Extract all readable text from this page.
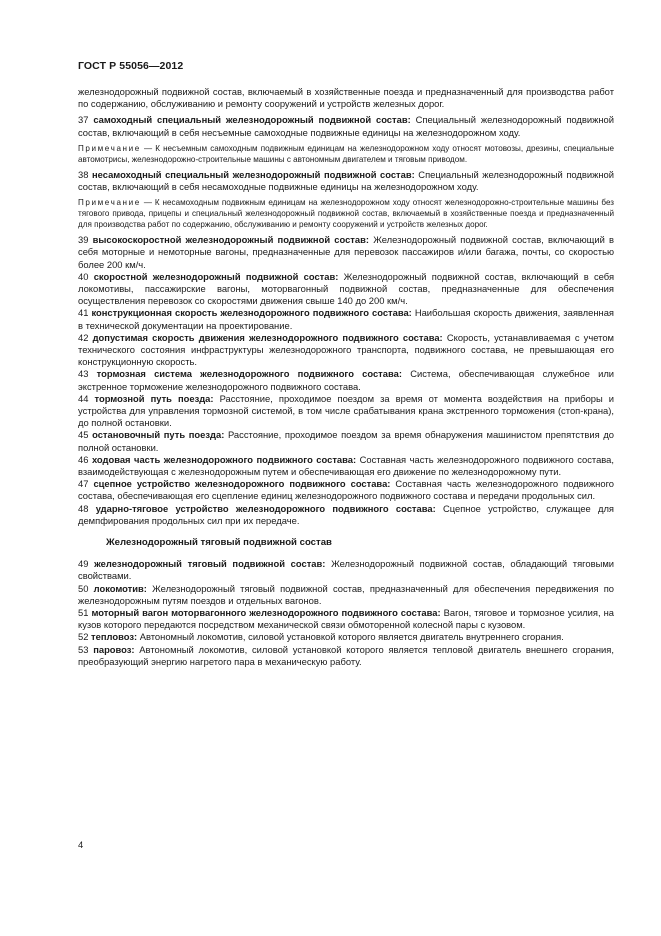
ГОСТ Р 55056—2012

железнодорожный подвижной состав, включаемый в хозяйственные поезда и предназначенный для производства работ по содержанию, обслуживанию и ремонту сооружений и устройств железных дорог.

37 самоходный специальный железнодорожный подвижной состав: Специальный железнодорожный подвижной состав, включающий в себя несъемные самоходные подвижные единицы на железнодорожном ходу.

Примечание — К несъемным самоходным подвижным единицам на железнодорожном ходу относят мотовозы, дрезины, специальные автомотрисы, железнодорожно-строительные машины с автономным двигателем и тяговым приводом.

38 несамоходный специальный железнодорожный подвижной состав: Специальный железнодорожный подвижной состав, включающий в себя несамоходные подвижные единицы на железнодорожном ходу.

Примечание — К несамоходным подвижным единицам на железнодорожном ходу относят железнодорожно-строительные машины без тягового привода, прицепы и специальный железнодорожный подвижной состав, включаемый в хозяйственные поезда и предназначенный для производства работ по содержанию, обслуживанию и ремонту сооружений и устройств железных дорог.

39 высокоскоростной железнодорожный подвижной состав: Железнодорожный подвижной состав, включающий в себя моторные и немоторные вагоны, предназначенные для перевозок пассажиров и/или багажа, почты, со скоростью более 200 км/ч.

40 скоростной железнодорожный подвижной состав: Железнодорожный подвижной состав, включающий в себя локомотивы, пассажирские вагоны, моторвагонный подвижной состав, предназначенные для обеспечения осуществления перевозок со скоростями движения свыше 140 до 200 км/ч.

41 конструкционная скорость железнодорожного подвижного состава: Наибольшая скорость движения, заявленная в технической документации на проектирование.

42 допустимая скорость движения железнодорожного подвижного состава: Скорость, устанавливаемая с учетом технического состояния инфраструктуры железнодорожного транспорта, подвижного состава, не превышающая его конструкционную скорость.

43 тормозная система железнодорожного подвижного состава: Система, обеспечивающая служебное или экстренное торможение железнодорожного подвижного состава.

44 тормозной путь поезда: Расстояние, проходимое поездом за время от момента воздействия на приборы и устройства для управления тормозной системой, в том числе срабатывания крана экстренного торможения (стоп-крана), до полной остановки.

45 остановочный путь поезда: Расстояние, проходимое поездом за время обнаружения машинистом препятствия до полной остановки.

46 ходовая часть железнодорожного подвижного состава: Составная часть железнодорожного подвижного состава, взаимодействующая с железнодорожным путем и обеспечивающая его движение по железнодорожному пути.

47 сцепное устройство железнодорожного подвижного состава: Составная часть железнодорожного подвижного состава, обеспечивающая его сцепление единиц железнодорожного подвижного состава и передачи продольных сил.

48 ударно-тяговое устройство железнодорожного подвижного состава: Сцепное устройство, служащее для демпфирования продольных сил при их передаче.

Железнодорожный тяговый подвижной состав

49 железнодорожный тяговый подвижной состав: Железнодорожный подвижной состав, обладающий тяговыми свойствами.

50 локомотив: Железнодорожный тяговый подвижной состав, предназначенный для обеспечения передвижения по железнодорожным путям поездов и отдельных вагонов.

51 моторный вагон моторвагонного железнодорожного подвижного состава: Вагон, тяговое и тормозное усилия, на кузов которого передаются посредством механической связи обмоторенной колесной пары с кузовом.

52 тепловоз: Автономный локомотив, силовой установкой которого является двигатель внутреннего сгорания.

53 паровоз: Автономный локомотив, силовой установкой которого является тепловой двигатель внешнего сгорания, преобразующий энергию нагретого пара в механическую работу.

4
